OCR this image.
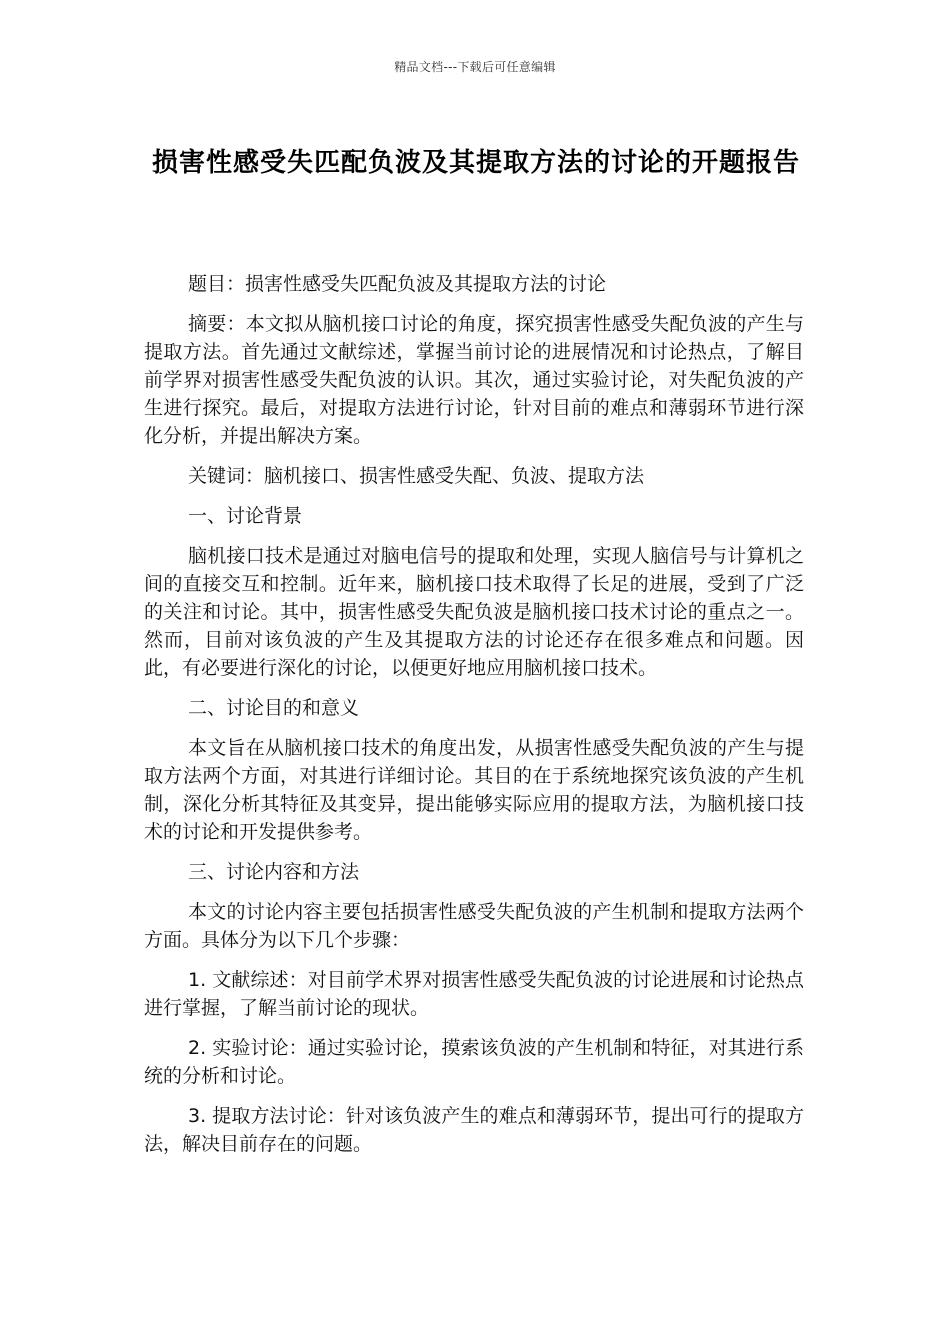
精品文档---下载后可任意编辑
损害性感受失匹配负波及其提取方法的讨论的开题报告

题目：损害性感受失匹配负波及其提取方法的讨论

摘要：本文拟从脑机接口讨论的角度，探究损害性感受失配负波的产生与提取方法。首先通过文献综述，掌握当前讨论的进展情况和讨论热点，了解目前学界对损害性感受失配负波的认识。其次，通过实验讨论，对失配负波的产生进行探究。最后，对提取方法进行讨论，针对目前的难点和薄弱环节进行深化分析，并提出解决方案。

关键词：脑机接口、损害性感受失配、负波、提取方法

一、讨论背景

脑机接口技术是通过对脑电信号的提取和处理，实现人脑信号与计算机之间的直接交互和控制。近年来，脑机接口技术取得了长足的进展，受到了广泛的关注和讨论。其中，损害性感受失配负波是脑机接口技术讨论的重点之一。然而，目前对该负波的产生及其提取方法的讨论还存在很多难点和问题。因此，有必要进行深化的讨论，以便更好地应用脑机接口技术。

二、讨论目的和意义

本文旨在从脑机接口技术的角度出发，从损害性感受失配负波的产生与提取方法两个方面，对其进行详细讨论。其目的在于系统地探究该负波的产生机制，深化分析其特征及其变异，提出能够实际应用的提取方法，为脑机接口技术的讨论和开发提供参考。

三、讨论内容和方法

本文的讨论内容主要包括损害性感受失配负波的产生机制和提取方法两个方面。具体分为以下几个步骤：

1. 文献综述：对目前学术界对损害性感受失配负波的讨论进展和讨论热点进行掌握，了解当前讨论的现状。

2. 实验讨论：通过实验讨论，摸索该负波的产生机制和特征，对其进行系统的分析和讨论。

3. 提取方法讨论：针对该负波产生的难点和薄弱环节，提出可行的提取方法，解决目前存在的问题。
